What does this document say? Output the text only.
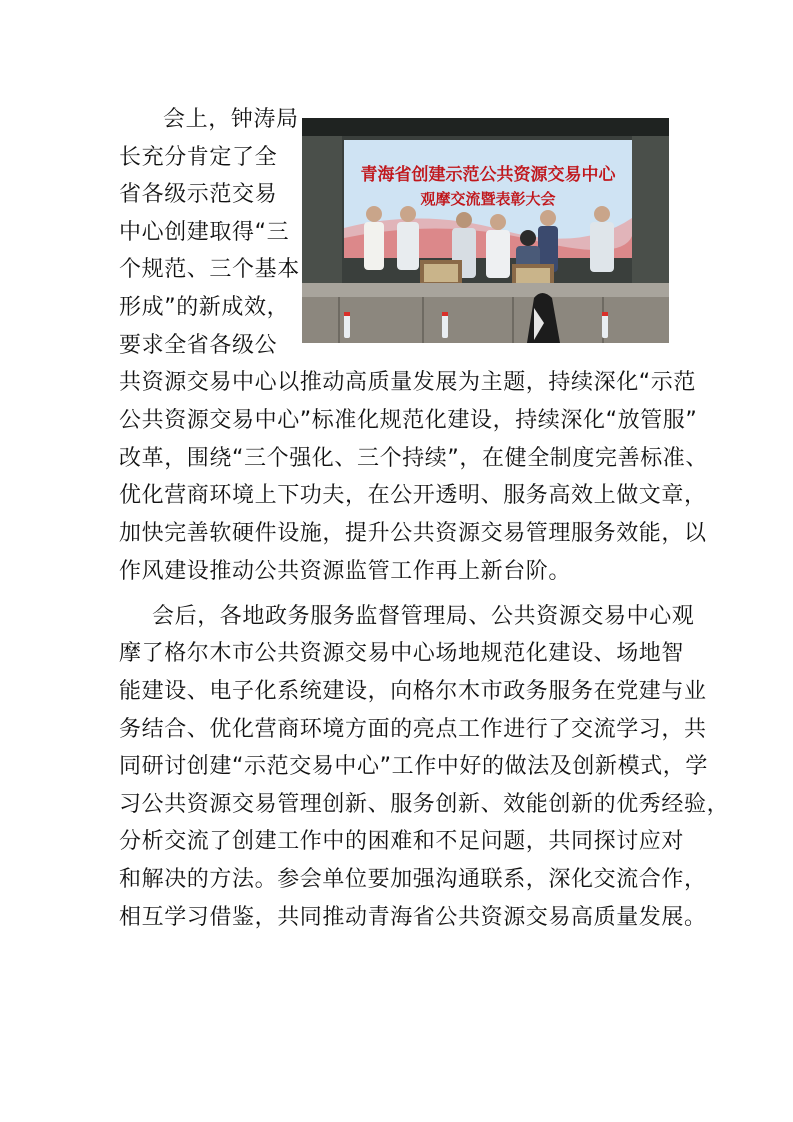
青海省创建示范公共资源交易中心
观摩交流暨表彰大会
会上，钟涛局
长充分肯定了全
省各级示范交易
中心创建取得“三
个规范、三个基本
形成”的新成效，
要求全省各级公
共资源交易中心以推动高质量发展为主题，持续深化“示范
公共资源交易中心”标准化规范化建设，持续深化“放管服”
改革，围绕“三个强化、三个持续”，在健全制度完善标准、
优化营商环境上下功夫，在公开透明、服务高效上做文章，
加快完善软硬件设施，提升公共资源交易管理服务效能，以
作风建设推动公共资源监管工作再上新台阶。
会后，各地政务服务监督管理局、公共资源交易中心观
摩了格尔木市公共资源交易中心场地规范化建设、场地智
能建设、电子化系统建设，向格尔木市政务服务在党建与业
务结合、优化营商环境方面的亮点工作进行了交流学习，共
同研讨创建“示范交易中心”工作中好的做法及创新模式，学
习公共资源交易管理创新、服务创新、效能创新的优秀经验，
分析交流了创建工作中的困难和不足问题，共同探讨应对
和解决的方法。参会单位要加强沟通联系，深化交流合作，
相互学习借鉴，共同推动青海省公共资源交易高质量发展。
